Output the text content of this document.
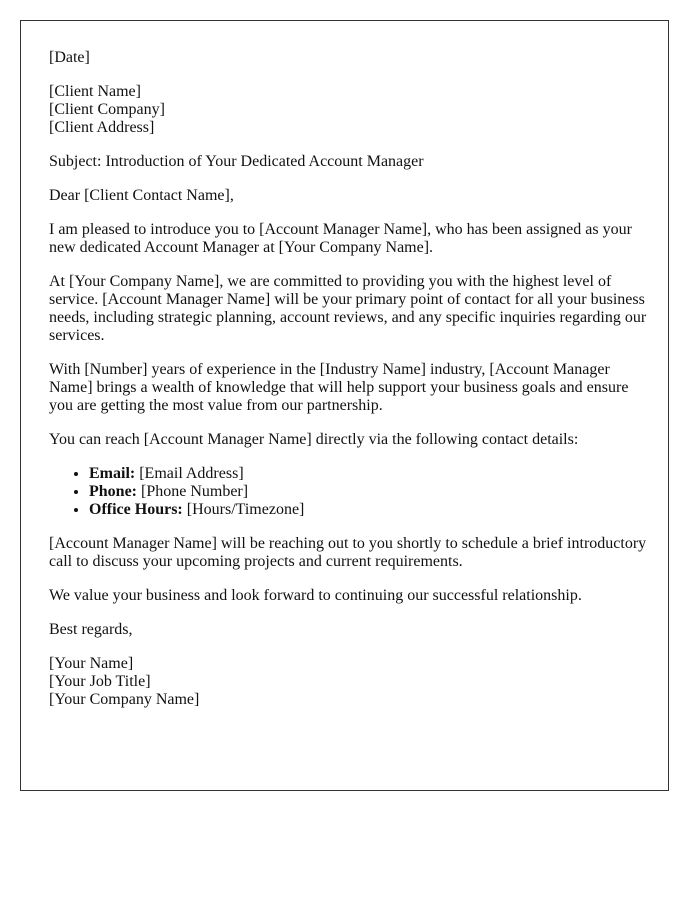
[Date]

[Client Name]
[Client Company]
[Client Address]

Subject: Introduction of Your Dedicated Account Manager

Dear [Client Contact Name],

I am pleased to introduce you to [Account Manager Name], who has been assigned as your new dedicated Account Manager at [Your Company Name].

At [Your Company Name], we are committed to providing you with the highest level of service. [Account Manager Name] will be your primary point of contact for all your business needs, including strategic planning, account reviews, and any specific inquiries regarding our services.

With [Number] years of experience in the [Industry Name] industry, [Account Manager Name] brings a wealth of knowledge that will help support your business goals and ensure you are getting the most value from our partnership.

You can reach [Account Manager Name] directly via the following contact details:

• Email: [Email Address]
• Phone: [Phone Number]
• Office Hours: [Hours/Timezone]

[Account Manager Name] will be reaching out to you shortly to schedule a brief introductory call to discuss your upcoming projects and current requirements.

We value your business and look forward to continuing our successful relationship.

Best regards,

[Your Name]
[Your Job Title]
[Your Company Name]
